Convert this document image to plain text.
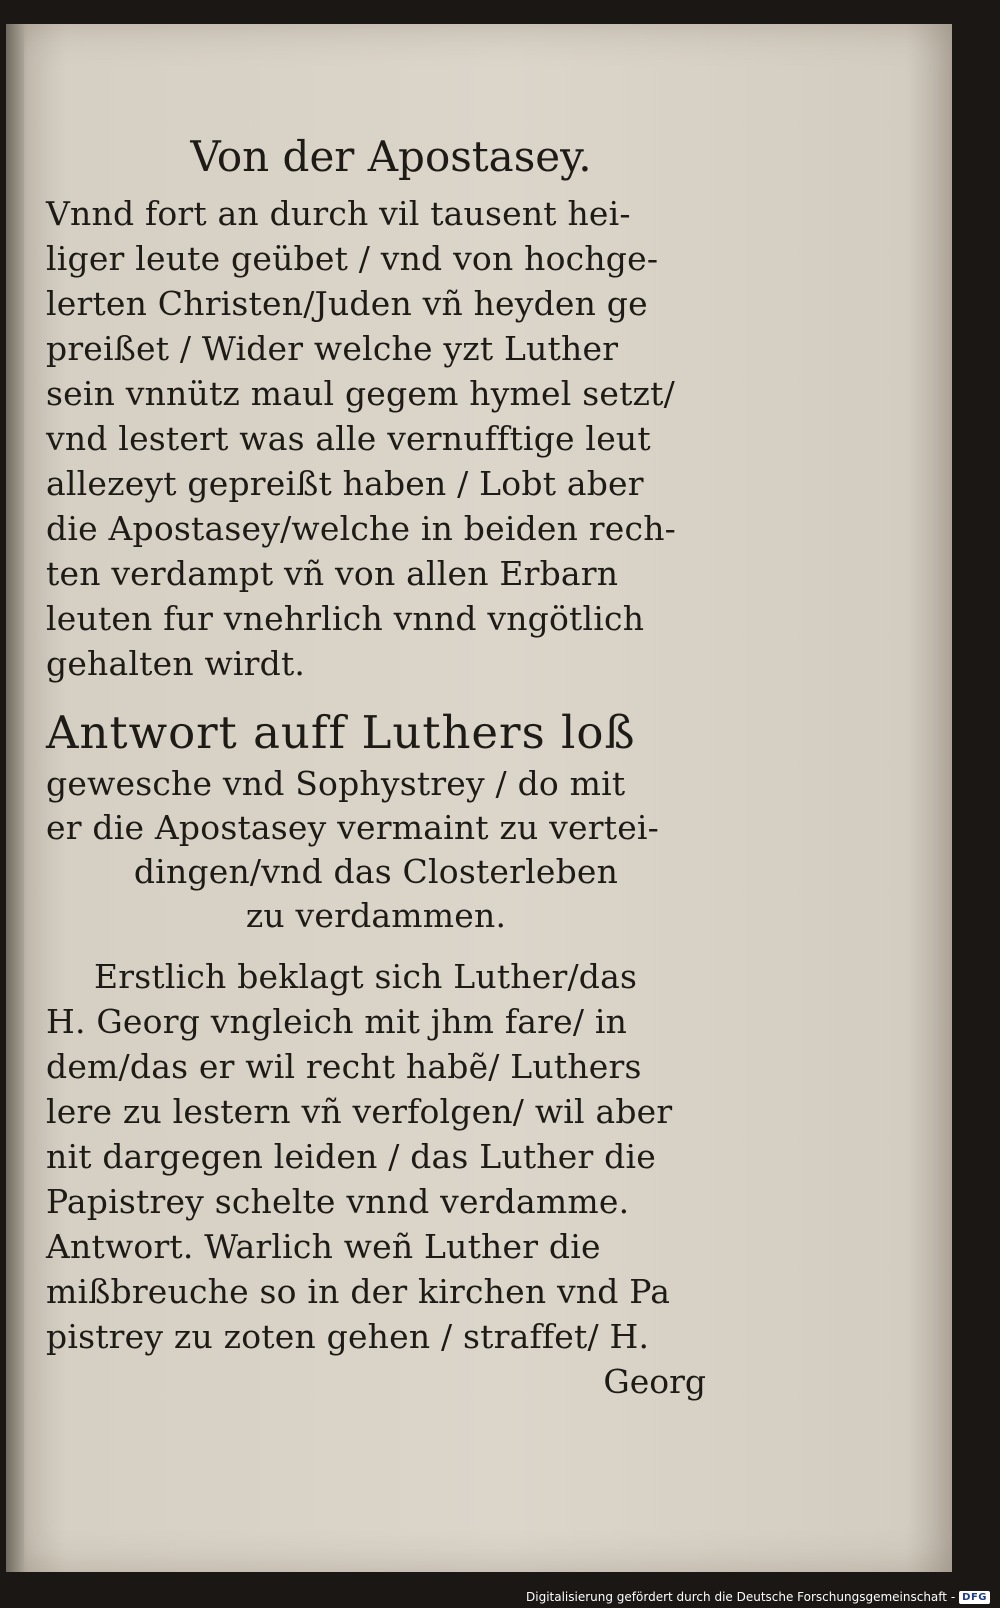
Von der Apostasey.
Vnnd fort an durch vil tausent hei-
liger leute geübet / vnd von hochge-
lerten Christen/Juden vñ heyden ge
preißet / Wider welche yzt Luther
sein vnnütz maul gegem hymel setzt/
vnd lestert was alle vernufftige leut
allezeyt gepreißt haben / Lobt aber
die Apostasey/welche in beiden rech-
ten verdampt vñ von allen Erbarn
leuten fur vnehrlich vnnd vngötlich
gehalten wirdt.
Antwort auff Luthers loß
gewesche vnd Sophystrey / do mit
er die Apostasey vermaint zu vertei-
dingen/vnd das Closterleben
zu verdammen.
Erstlich beklagt sich Luther/das
H. Georg vngleich mit jhm fare/ in
dem/das er wil recht habẽ/ Luthers
lere zu lestern vñ verfolgen/ wil aber
nit dargegen leiden / das Luther die
Papistrey schelte vnnd verdamme.
Antwort. Warlich weñ Luther die
mißbreuche so in der kirchen vnd Pa
pistrey zu zoten gehen / straffet/ H.
Georg
Digitalisierung gefördert durch die Deutsche Forschungsgemeinschaft - DFG
